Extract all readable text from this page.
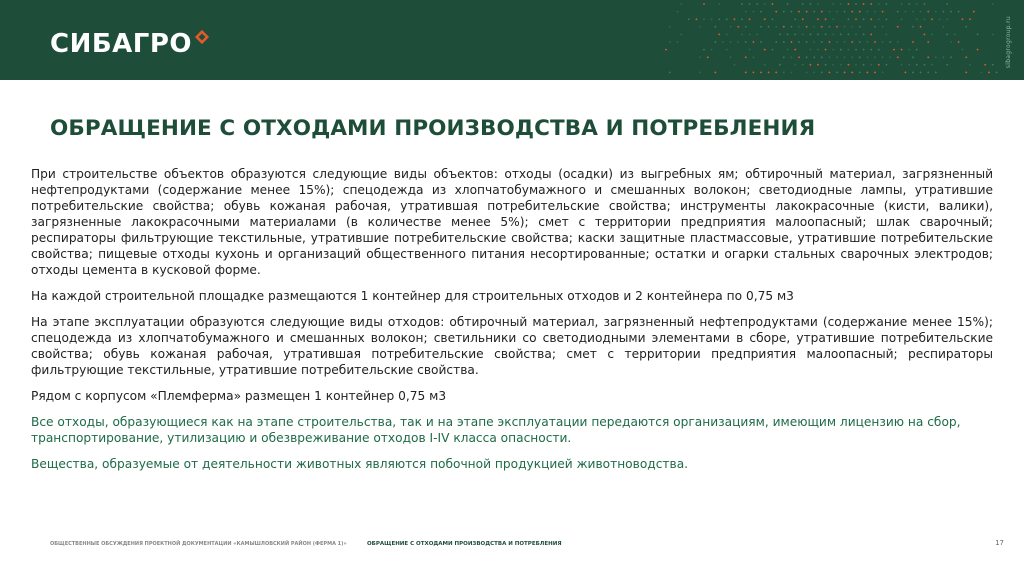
СИБАГРО	sibagrogroup.ru
ОБРАЩЕНИЕ С ОТХОДАМИ ПРОИЗВОДСТВА И ПОТРЕБЛЕНИЯ

При строительстве объектов образуются следующие виды объектов: отходы (осадки) из выгребных ям; обтирочный материал, загрязненный нефтепродуктами (содержание менее 15%); спецодежда из хлопчатобумажного и смешанных волокон; светодиодные лампы, утратившие потребительские свойства; обувь кожаная рабочая, утратившая потребительские свойства; инструменты лакокрасочные (кисти, валики), загрязненные лакокрасочными материалами (в количестве менее 5%); смет с территории предприятия малоопасный; шлак сварочный; респираторы фильтрующие текстильные, утратившие потребительские свойства; каски защитные пластмассовые, утратившие потребительские свойства; пищевые отходы кухонь и организаций общественного питания несортированные; остатки и огарки стальных сварочных электродов; отходы цемента в кусковой форме.

На каждой строительной площадке размещаются 1 контейнер для строительных отходов и 2 контейнера по 0,75 м3

На этапе эксплуатации образуются следующие виды отходов: обтирочный материал, загрязненный нефтепродуктами (содержание менее 15%); спецодежда из хлопчатобумажного и смешанных волокон; светильники со светодиодными элементами в сборе, утратившие потребительские свойства; обувь кожаная рабочая, утратившая потребительские свойства; смет с территории предприятия малоопасный; респираторы фильтрующие текстильные, утратившие потребительские свойства.

Рядом с корпусом «Племферма» размещен 1 контейнер 0,75 м3

Все отходы, образующиеся как на этапе строительства, так и на этапе эксплуатации передаются организациям, имеющим лицензию на сбор, транспортирование, утилизацию и обезвреживание отходов I-IV класса опасности.

Вещества, образуемые от деятельности животных являются побочной продукцией животноводства.

ОБЩЕСТВЕННЫЕ ОБСУЖДЕНИЯ ПРОЕКТНОЙ ДОКУМЕНТАЦИИ «КАМЫШЛОВСКИЙ РАЙОН (ФЕРМА 1)»	ОБРАЩЕНИЕ С ОТХОДАМИ ПРОИЗВОДСТВА И ПОТРЕБЛЕНИЯ	17
